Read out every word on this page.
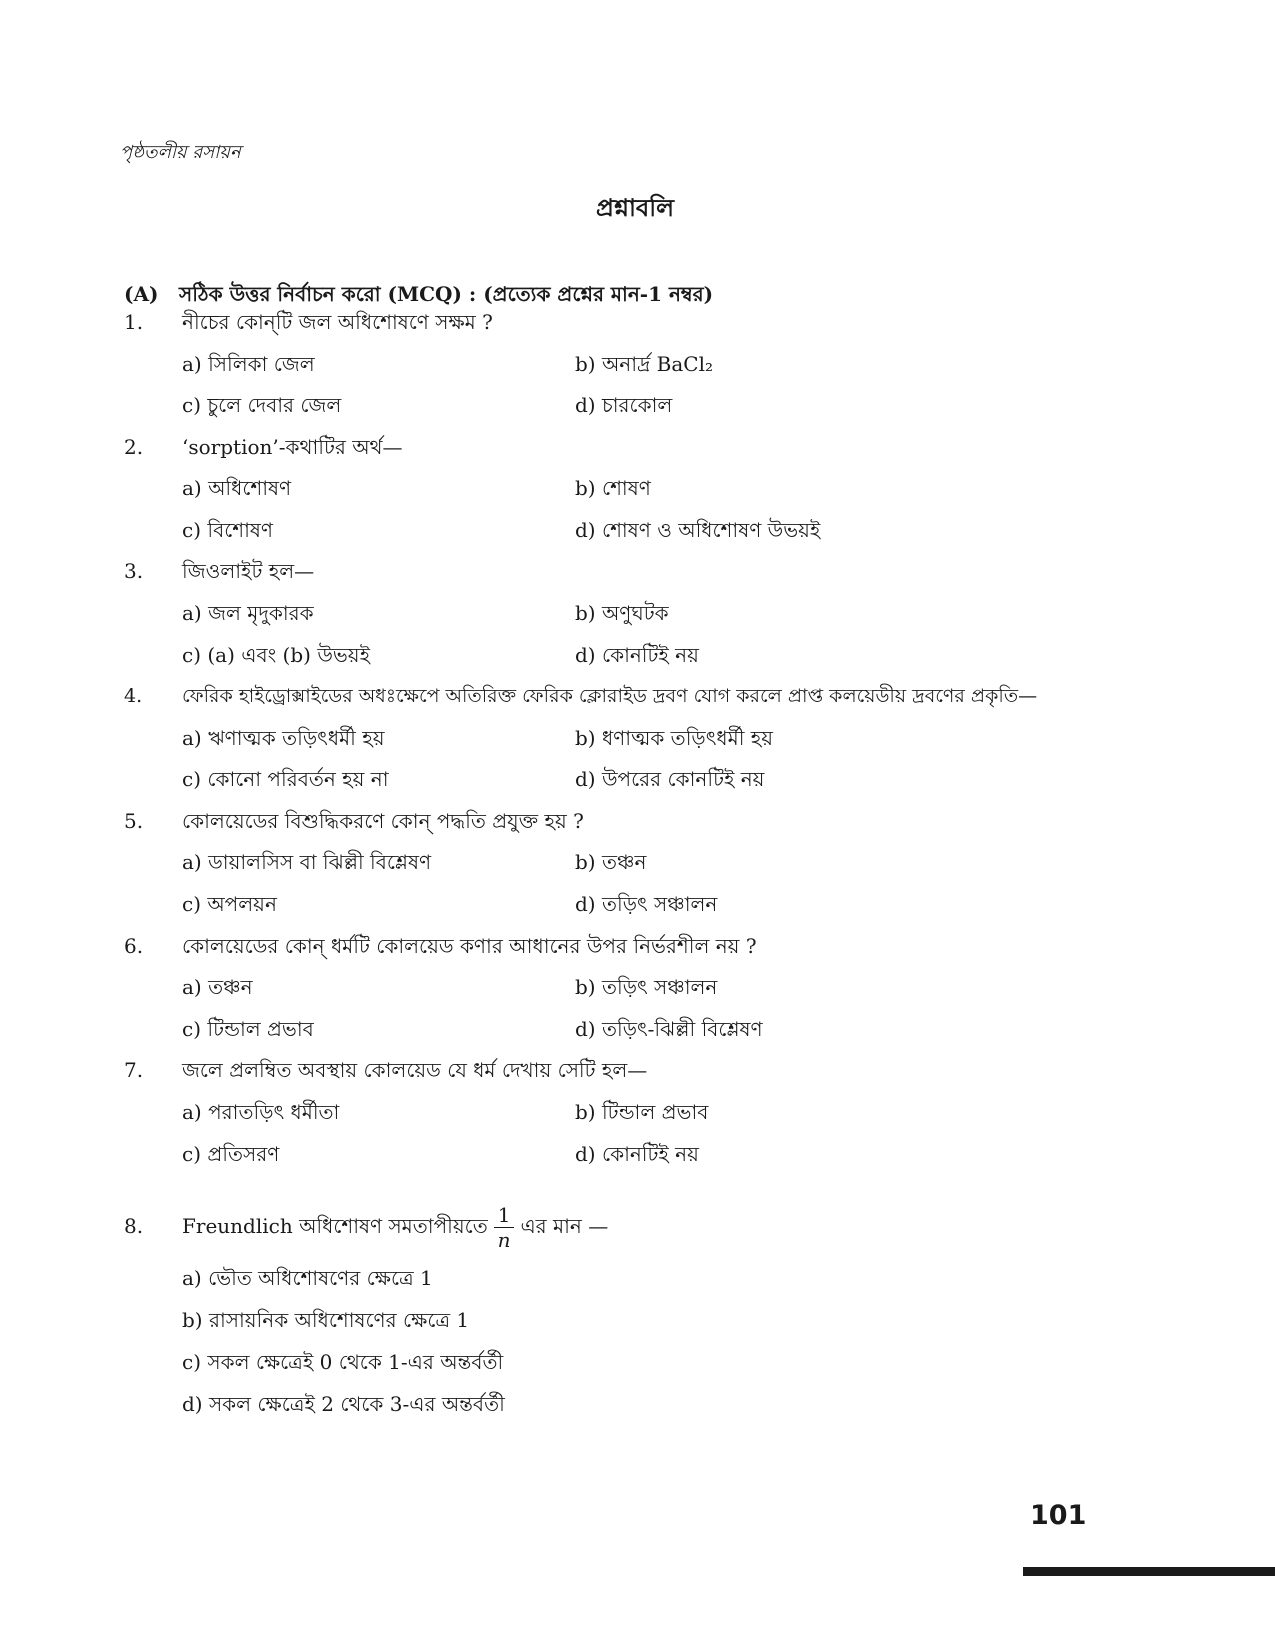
পৃষ্ঠতলীয় রসায়ন
প্রশ্নাবলি
(A) সঠিক উত্তর নির্বাচন করো (MCQ) : (প্রত্যেক প্রশ্নের মান-1 নম্বর)
1. নীচের কোন্‌টি জল অধিশোষণে সক্ষম ?
a) সিলিকা জেল	b) অনার্দ্র BaCl₂
c) চুলে দেবার জেল	d) চারকোল
2. ‘sorption’-কথাটির অর্থ—
a) অধিশোষণ	b) শোষণ
c) বিশোষণ	d) শোষণ ও অধিশোষণ উভয়ই
3. জিওলাইট হল—
a) জল মৃদুকারক	b) অণুঘটক
c) (a) এবং (b) উভয়ই	d) কোনটিই নয়
4. ফেরিক হাইড্রোক্সাইডের অধঃক্ষেপে অতিরিক্ত ফেরিক ক্লোরাইড দ্রবণ যোগ করলে প্রাপ্ত কলয়েডীয় দ্রবণের প্রকৃতি—
a) ঋণাত্মক তড়িৎধর্মী হয়	b) ধণাত্মক তড়িৎধর্মী হয়
c) কোনো পরিবর্তন হয় না	d) উপরের কোনটিই নয়
5. কোলয়েডের বিশুদ্ধিকরণে কোন্ পদ্ধতি প্রযুক্ত হয় ?
a) ডায়ালসিস বা ঝিল্লী বিশ্লেষণ	b) তঞ্চন
c) অপলয়ন	d) তড়িৎ সঞ্চালন
6. কোলয়েডের কোন্ ধর্মটি কোলয়েড কণার আধানের উপর নির্ভরশীল নয় ?
a) তঞ্চন	b) তড়িৎ সঞ্চালন
c) টিন্ডাল প্রভাব	d) তড়িৎ-ঝিল্লী বিশ্লেষণ
7. জলে প্রলম্বিত অবস্থায় কোলয়েড যে ধর্ম দেখায় সেটি হল—
a) পরাতড়িৎ ধর্মীতা	b) টিন্ডাল প্রভাব
c) প্রতিসরণ	d) কোনটিই নয়
8. Freundlich অধিশোষণ সমতাপীয়তে $\frac{1}{n}$ এর মান —
a) ভৌত অধিশোষণের ক্ষেত্রে 1
b) রাসায়নিক অধিশোষণের ক্ষেত্রে 1
c) সকল ক্ষেত্রেই 0 থেকে 1-এর অন্তর্বর্তী
d) সকল ক্ষেত্রেই 2 থেকে 3-এর অন্তর্বর্তী
101
